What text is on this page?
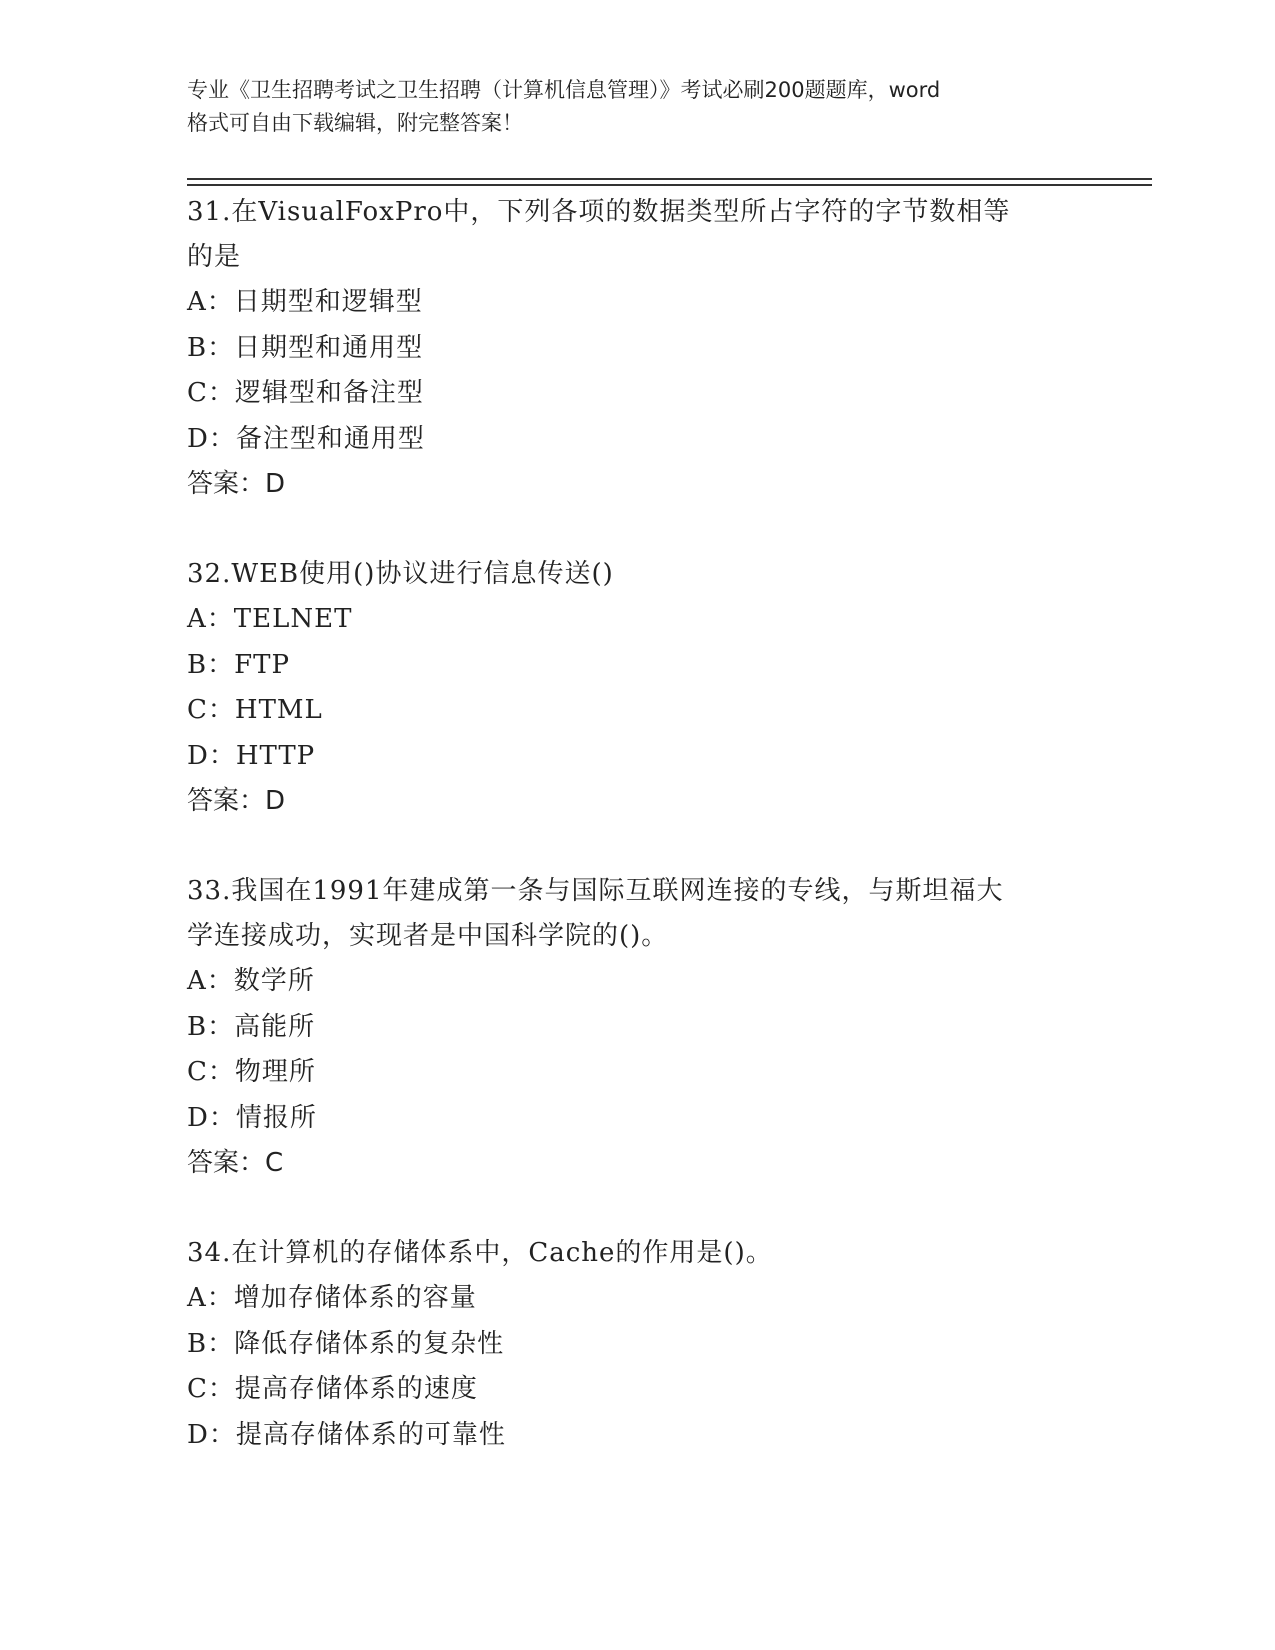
专业《卫生招聘考试之卫生招聘（计算机信息管理）》考试必刷200题题库，word
格式可自由下载编辑，附完整答案！
31.在VisualFoxPro中，下列各项的数据类型所占字符的字节数相等
的是
A：日期型和逻辑型
B：日期型和通用型
C：逻辑型和备注型
D：备注型和通用型
答案：D
32.WEB使用()协议进行信息传送()
A：TELNET
B：FTP
C：HTML
D：HTTP
答案：D
33.我国在1991年建成第一条与国际互联网连接的专线，与斯坦福大
学连接成功，实现者是中国科学院的()。
A：数学所
B：高能所
C：物理所
D：情报所
答案：C
34.在计算机的存储体系中，Cache的作用是()。
A：增加存储体系的容量
B：降低存储体系的复杂性
C：提高存储体系的速度
D：提高存储体系的可靠性
